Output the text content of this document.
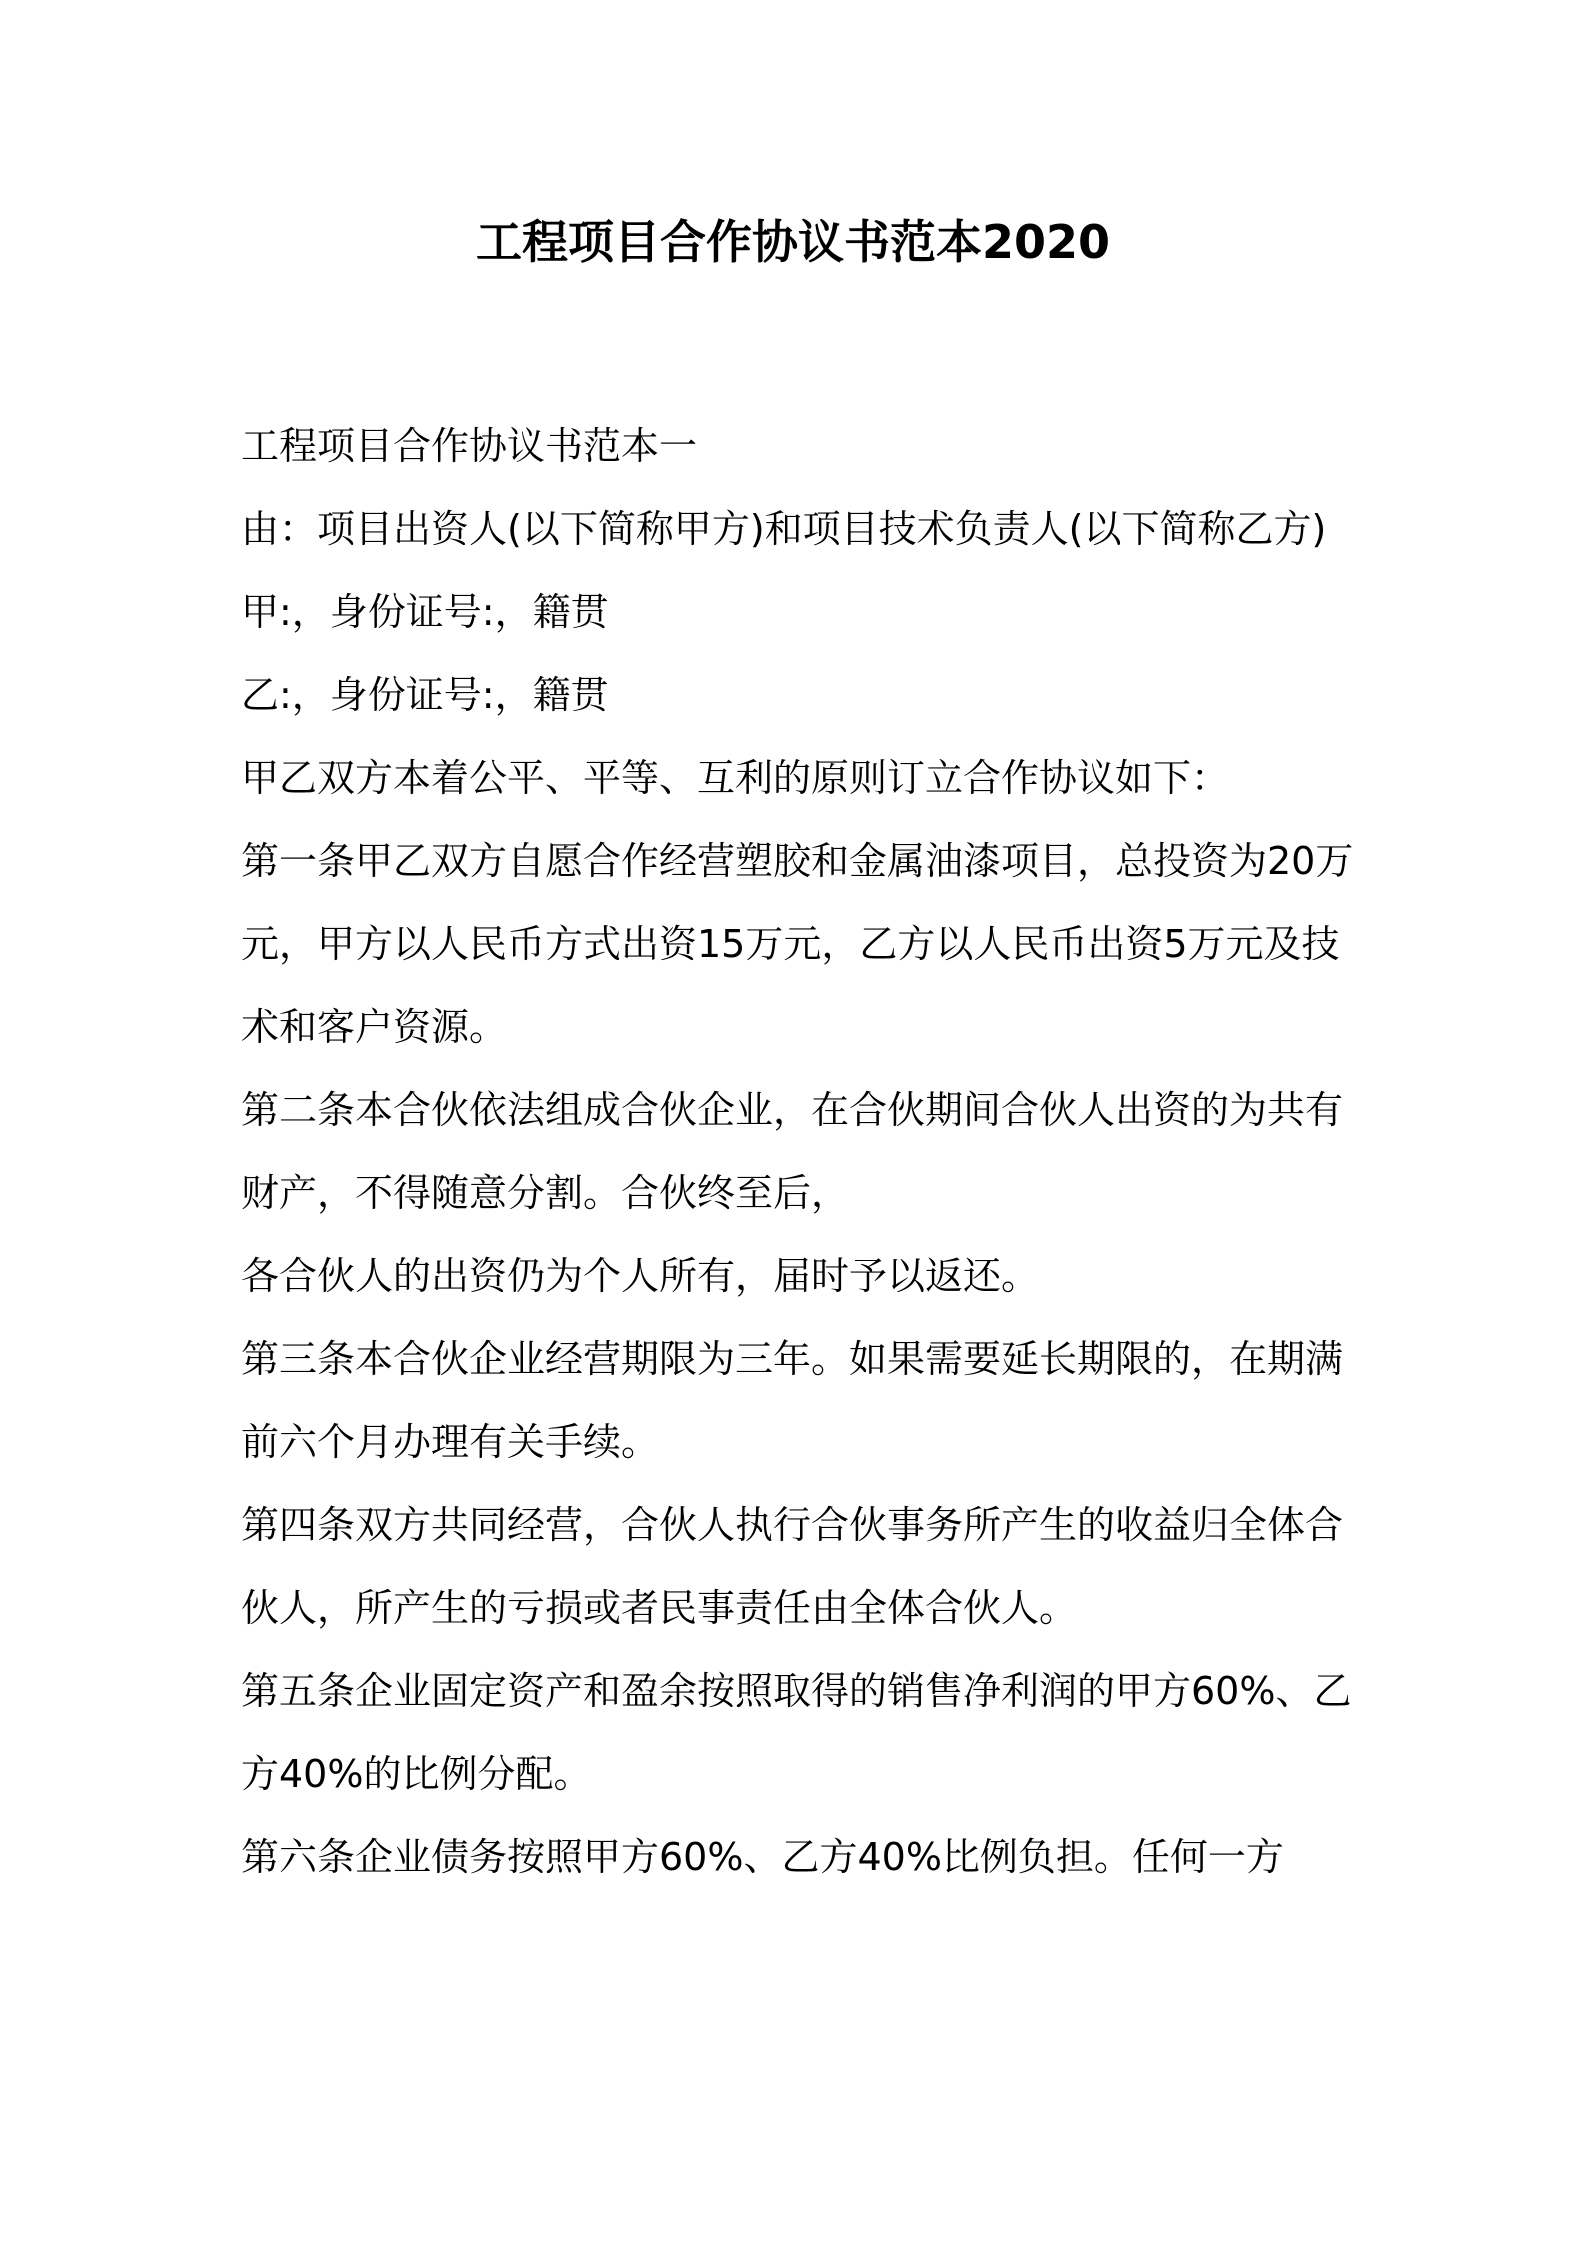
工程项目合作协议书范本2020

工程项目合作协议书范本一

由：项目出资人(以下简称甲方)和项目技术负责人(以下简称乙方)

甲:，身份证号:，籍贯

乙:，身份证号:，籍贯

甲乙双方本着公平、平等、互利的原则订立合作协议如下：

第一条甲乙双方自愿合作经营塑胶和金属油漆项目，总投资为20万元，甲方以人民币方式出资15万元，乙方以人民币出资5万元及技术和客户资源。

第二条本合伙依法组成合伙企业，在合伙期间合伙人出资的为共有财产，不得随意分割。合伙终至后，

各合伙人的出资仍为个人所有，届时予以返还。

第三条本合伙企业经营期限为三年。如果需要延长期限的，在期满前六个月办理有关手续。

第四条双方共同经营，合伙人执行合伙事务所产生的收益归全体合伙人，所产生的亏损或者民事责任由全体合伙人。

第五条企业固定资产和盈余按照取得的销售净利润的甲方60%、乙方40%的比例分配。

第六条企业债务按照甲方60%、乙方40%比例负担。任何一方
